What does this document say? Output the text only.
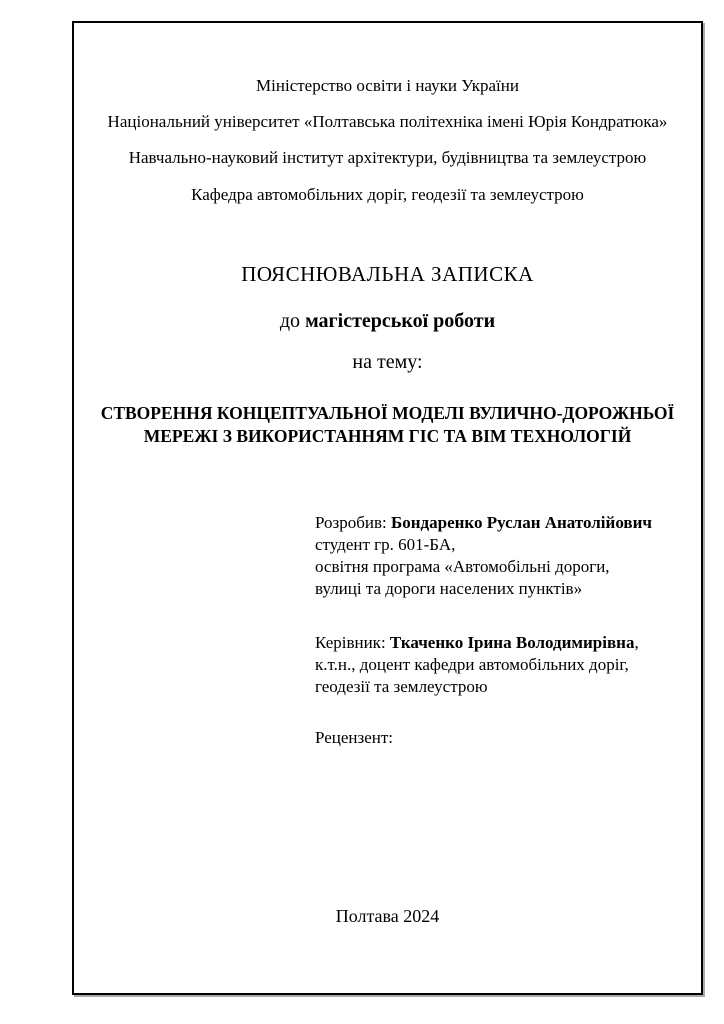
Міністерство освіти і науки України
Національний університет «Полтавська політехніка імені Юрія Кондратюка»
Навчально-науковий інститут архітектури, будівництва та землеустрою
Кафедра автомобільних доріг, геодезії та землеустрою
ПОЯСНЮВАЛЬНА ЗАПИСКА
до магістерської роботи
на тему:
СТВОРЕННЯ КОНЦЕПТУАЛЬНОЇ МОДЕЛІ ВУЛИЧНО-ДОРОЖНЬОЇ
МЕРЕЖІ З ВИКОРИСТАННЯМ ГІС ТА ВІМ ТЕХНОЛОГІЙ
Розробив: Бондаренко Руслан Анатолійович
студент гр. 601-БА,
освітня програма «Автомобільні дороги,
вулиці та дороги населених пунктів»
Керівник: Ткаченко Ірина Володимирівна,
к.т.н., доцент кафедри автомобільних доріг,
геодезії та землеустрою
Рецензент:
Полтава 2024
